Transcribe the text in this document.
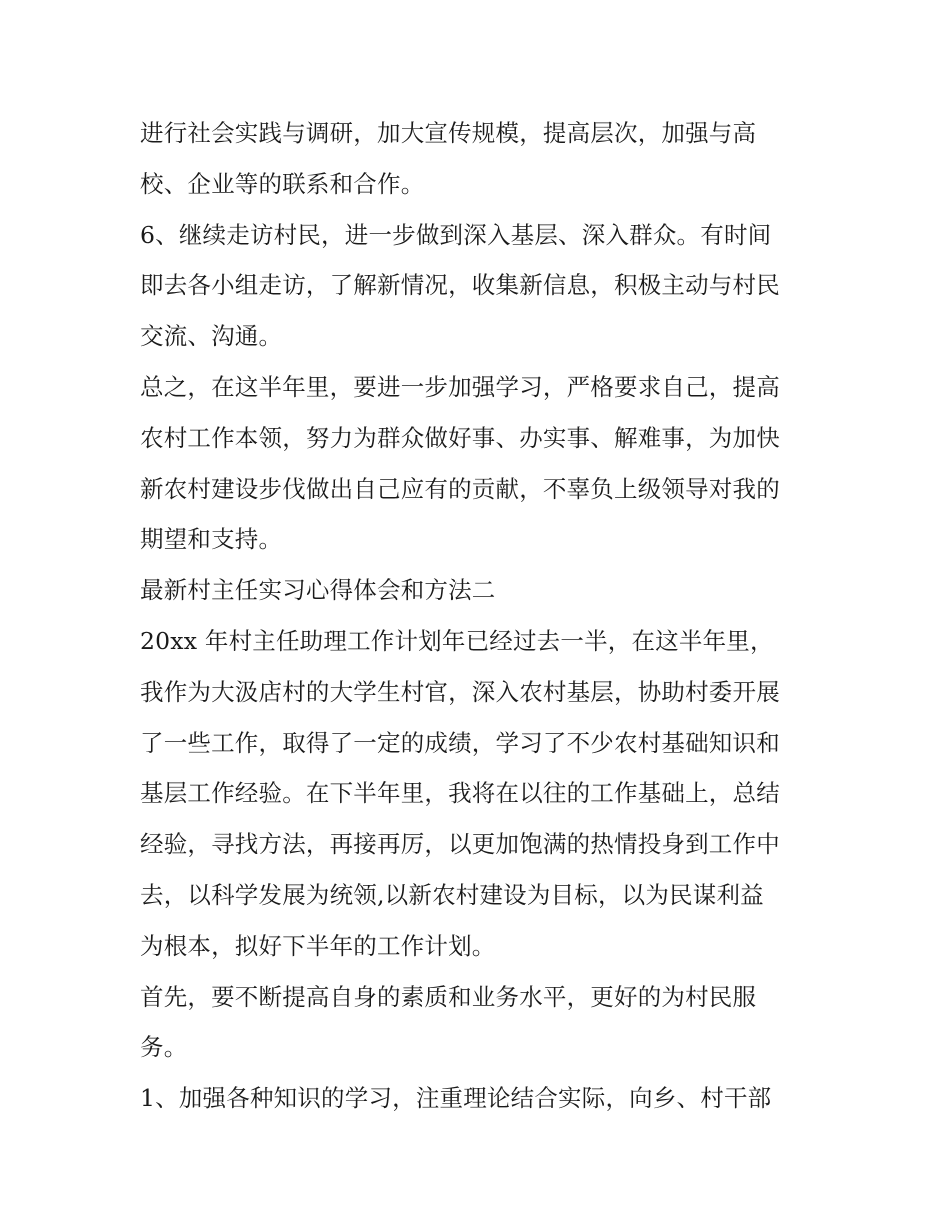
进行社会实践与调研，加大宣传规模，提高层次，加强与高
校、企业等的联系和合作。
6、继续走访村民，进一步做到深入基层、深入群众。有时间
即去各小组走访，了解新情况，收集新信息，积极主动与村民
交流、沟通。
总之，在这半年里，要进一步加强学习，严格要求自己，提高
农村工作本领，努力为群众做好事、办实事、解难事，为加快
新农村建设步伐做出自己应有的贡献，不辜负上级领导对我的
期望和支持。
最新村主任实习心得体会和方法二
20xx 年村主任助理工作计划年已经过去一半，在这半年里，
我作为大汲店村的大学生村官，深入农村基层，协助村委开展
了一些工作，取得了一定的成绩，学习了不少农村基础知识和
基层工作经验。在下半年里，我将在以往的工作基础上，总结
经验，寻找方法，再接再厉，以更加饱满的热情投身到工作中
去，以科学发展为统领,以新农村建设为目标，以为民谋利益
为根本，拟好下半年的工作计划。
首先，要不断提高自身的素质和业务水平，更好的为村民服
务。
1、加强各种知识的学习，注重理论结合实际，向乡、村干部
